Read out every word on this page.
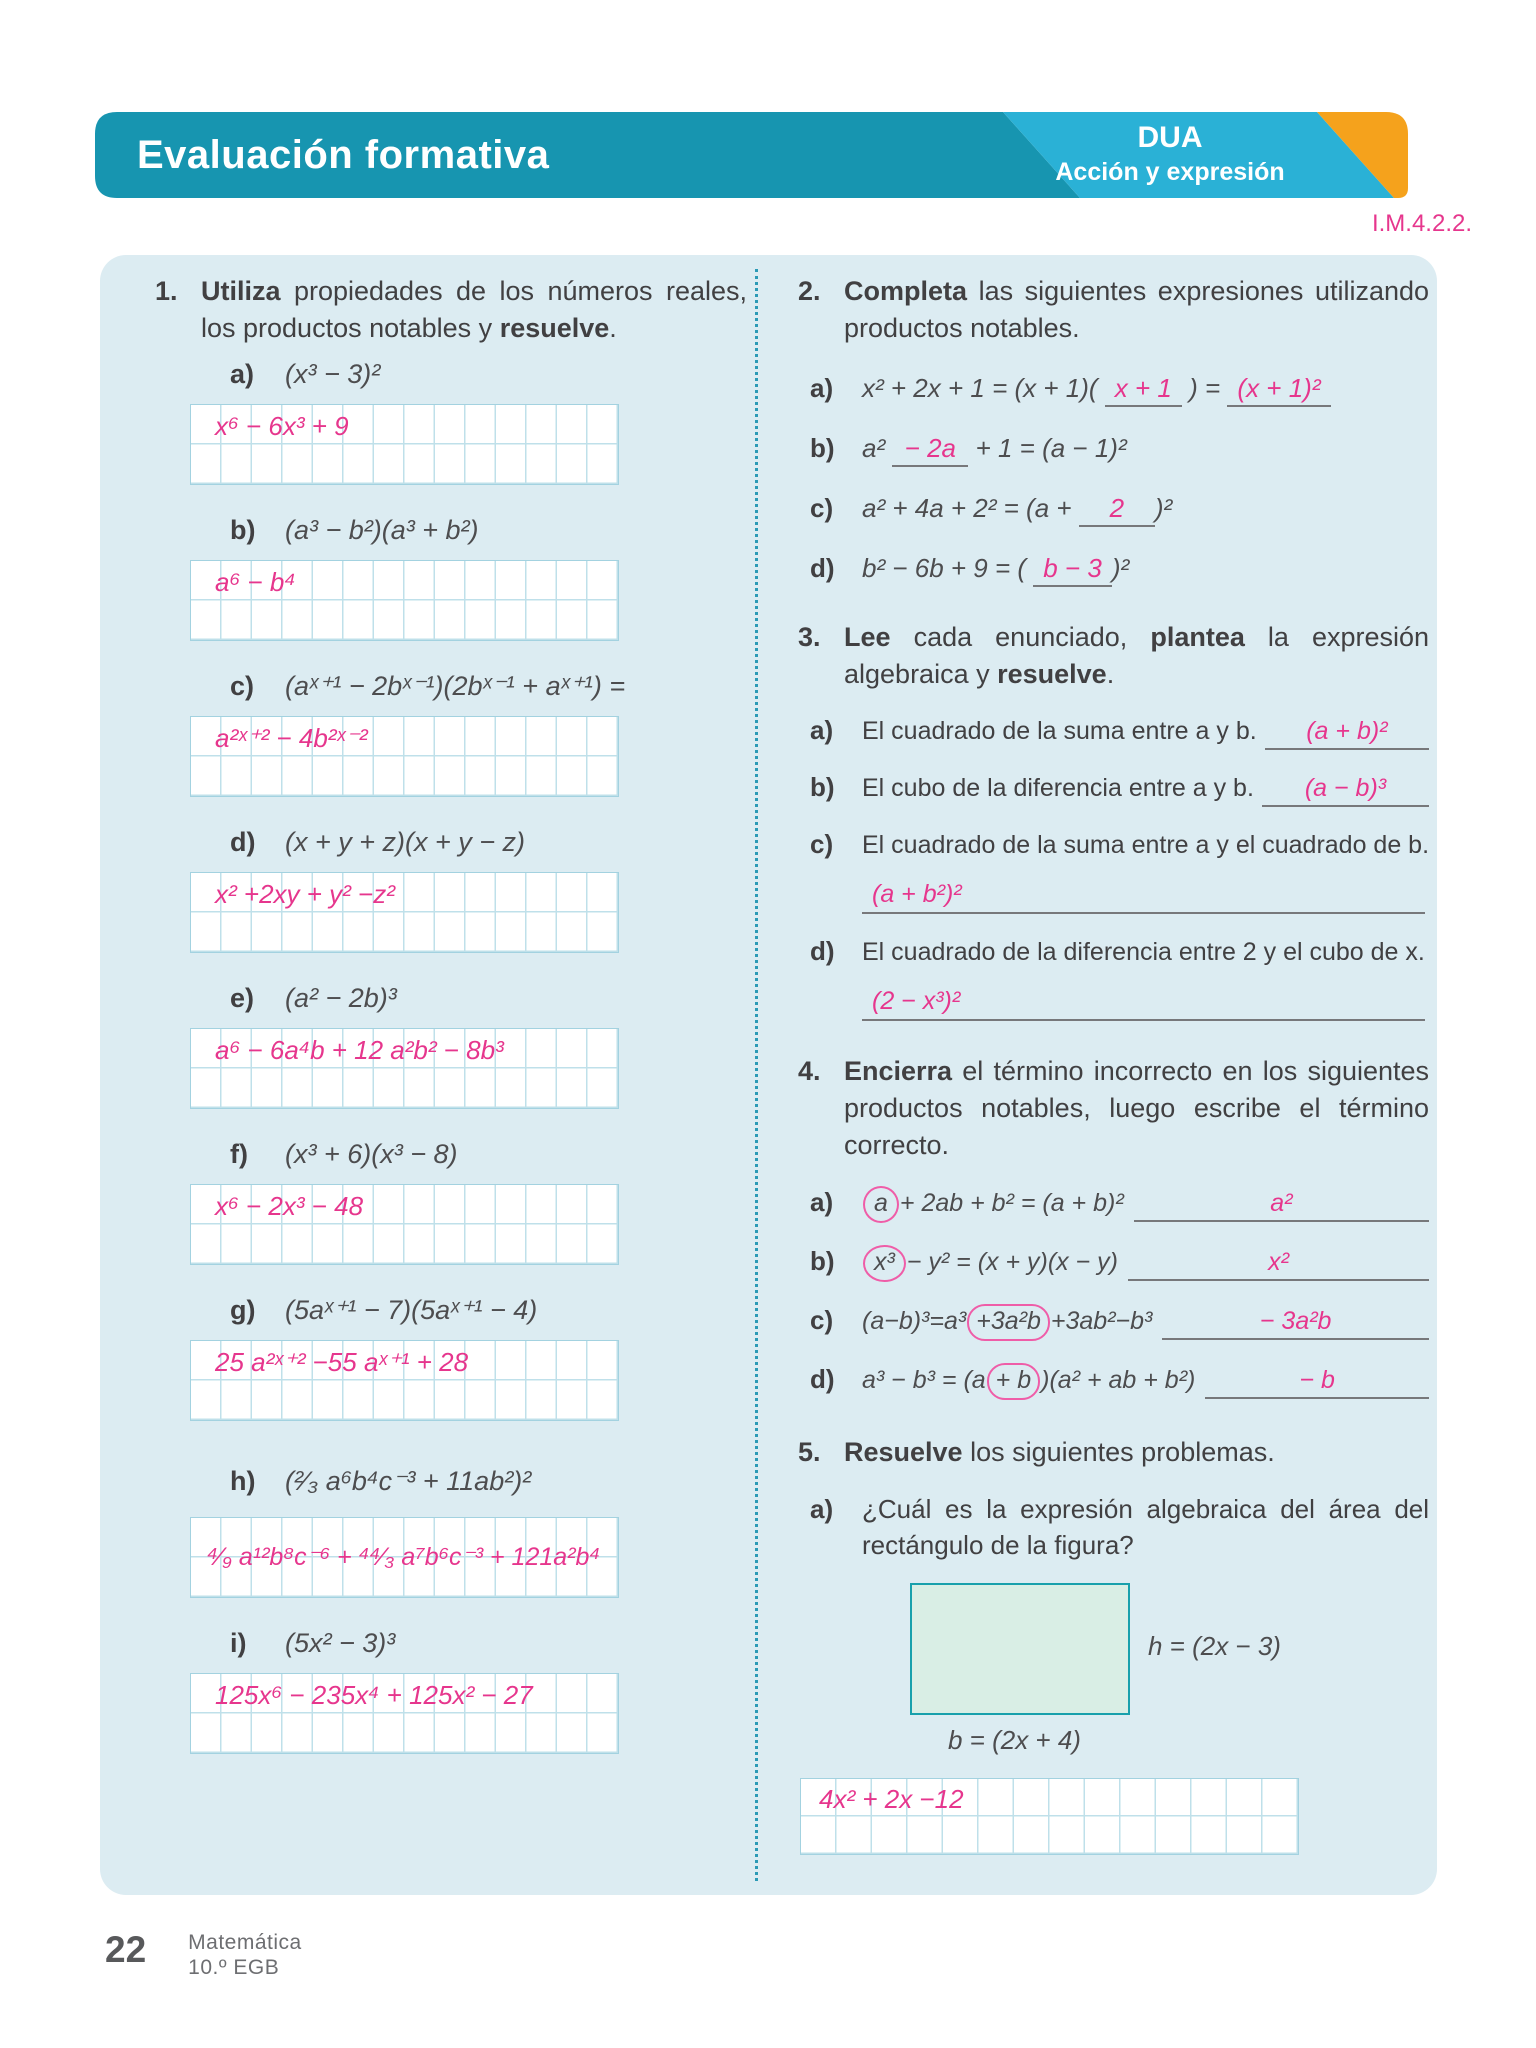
Evaluación formativa	DUA
Acción y expresión
I.M.4.2.2.
1. Utiliza propiedades de los números reales, los productos notables y resuelve.
a)	(x³ − 3)²
x⁶ − 6x³ + 9
b)	(a³ − b²)(a³ + b²)
a⁶ − b⁴
c)	(aˣ⁺¹ − 2bˣ⁻¹)(2bˣ⁻¹ + aˣ⁺¹) =
a²ˣ⁺² − 4b²ˣ⁻²
d)	(x + y + z)(x + y − z)
x² +2xy + y² −z²
e)	(a² − 2b)³
a⁶ − 6a⁴b + 12 a²b² − 8b³
f)	(x³ + 6)(x³ − 8)
x⁶ − 2x³ − 48
g)	(5aˣ⁺¹ − 7)(5aˣ⁺¹ − 4)
25 a²ˣ⁺² −55 aˣ⁺¹ + 28
h)	(²⁄₃ a⁶b⁴c⁻³ + 11ab²)²
⁴⁄₉ a¹²b⁸c⁻⁶ + ⁴⁴⁄₃ a⁷b⁶c⁻³ + 121a²b⁴
i)	(5x² − 3)³
125x⁶ − 235x⁴ + 125x² − 27
2. Completa las siguientes expresiones utilizando productos notables.
a)	x² + 2x + 1 = (x + 1)( x + 1 ) = (x + 1)²
b)	a² − 2a + 1 = (a − 1)²
c)	a² + 4a + 2² = (a + 2 )²
d)	b² − 6b + 9 = ( b − 3 )²
3. Lee cada enunciado, plantea la expresión algebraica y resuelve.
a)	El cuadrado de la suma entre a y b.	(a + b)²
b)	El cubo de la diferencia entre a y b.	(a − b)³
c)	El cuadrado de la suma entre a y el cuadrado de b.
(a + b²)²
d)	El cuadrado de la diferencia entre 2 y el cubo de x.
(2 − x³)²
4. Encierra el término incorrecto en los siguientes productos notables, luego escribe el término correcto.
a)	a + 2ab + b² = (a + b)²	a²
b)	x³ − y² = (x + y)(x − y)	x²
c)	(a−b)³=a³ +3a²b +3ab²−b³	− 3a²b
d)	a³ − b³ = (a + b )(a² + ab + b²)	− b
5. Resuelve los siguientes problemas.
a)	¿Cuál es la expresión algebraica del área del rectángulo de la figura?
h = (2x − 3)
b = (2x + 4)
4x² + 2x −12
22 Matemática
10.º EGB
